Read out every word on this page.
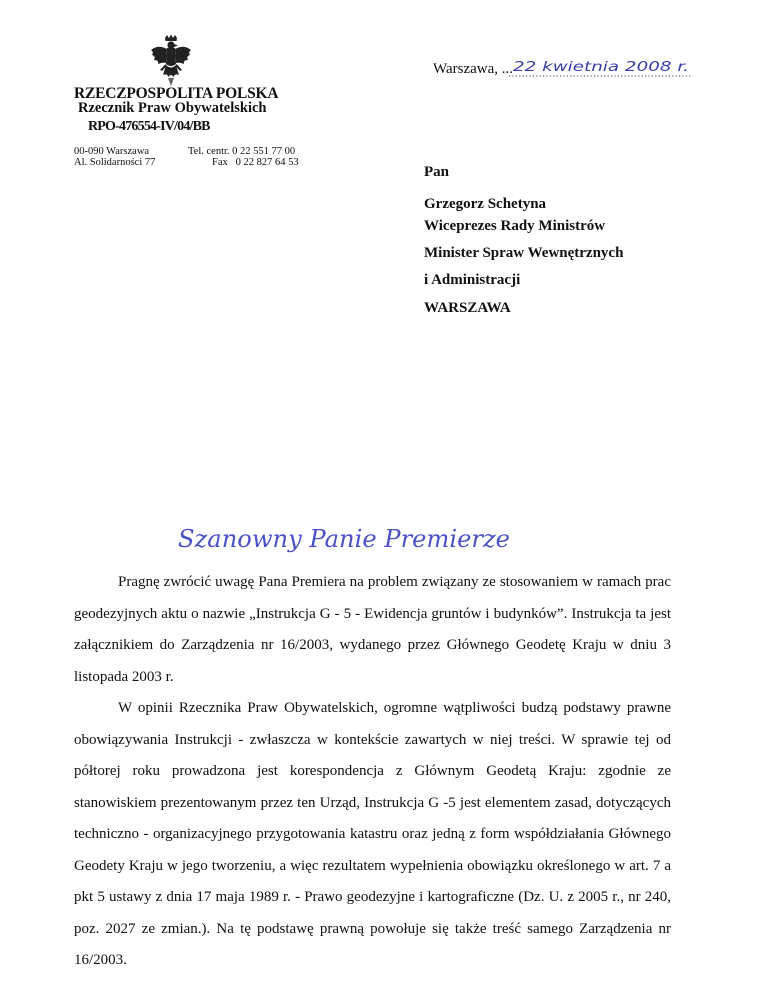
RZECZPOSPOLITA POLSKA
Rzecznik Praw Obywatelskich
RPO-476554-IV/04/BB
00-090 Warszawa
Al. Solidarności 77
Tel. centr. 0 22 551 77 00
Fax   0 22 827 64 53
Warszawa, ... 22 kwietnia 2008 r.
Pan
Grzegorz Schetyna
Wiceprezes Rady Ministrów
Minister Spraw Wewnętrznych
i Administracji
WARSZAWA
Szanowny Panie Premierze

Pragnę zwrócić uwagę Pana Premiera na problem związany ze stosowaniem w ramach prac geodezyjnych aktu o nazwie „Instrukcja G - 5 - Ewidencja gruntów i budynków”. Instrukcja ta jest załącznikiem do Zarządzenia nr 16/2003, wydanego przez Głównego Geodetę Kraju w dniu 3 listopada 2003 r.

W opinii Rzecznika Praw Obywatelskich, ogromne wątpliwości budzą podstawy prawne obowiązywania Instrukcji - zwłaszcza w kontekście zawartych w niej treści. W sprawie tej od półtorej roku prowadzona jest korespondencja z Głównym Geodetą Kraju: zgodnie ze stanowiskiem prezentowanym przez ten Urząd, Instrukcja G -5 jest elementem zasad, dotyczących techniczno - organizacyjnego przygotowania katastru oraz jedną z form współdziałania Głównego Geodety Kraju w jego tworzeniu, a więc rezultatem wypełnienia obowiązku określonego w art. 7 a pkt 5 ustawy z dnia 17 maja 1989 r. - Prawo geodezyjne i kartograficzne (Dz. U. z 2005 r., nr 240, poz. 2027 ze zmian.). Na tę podstawę prawną powołuje się także treść samego Zarządzenia nr 16/2003.
